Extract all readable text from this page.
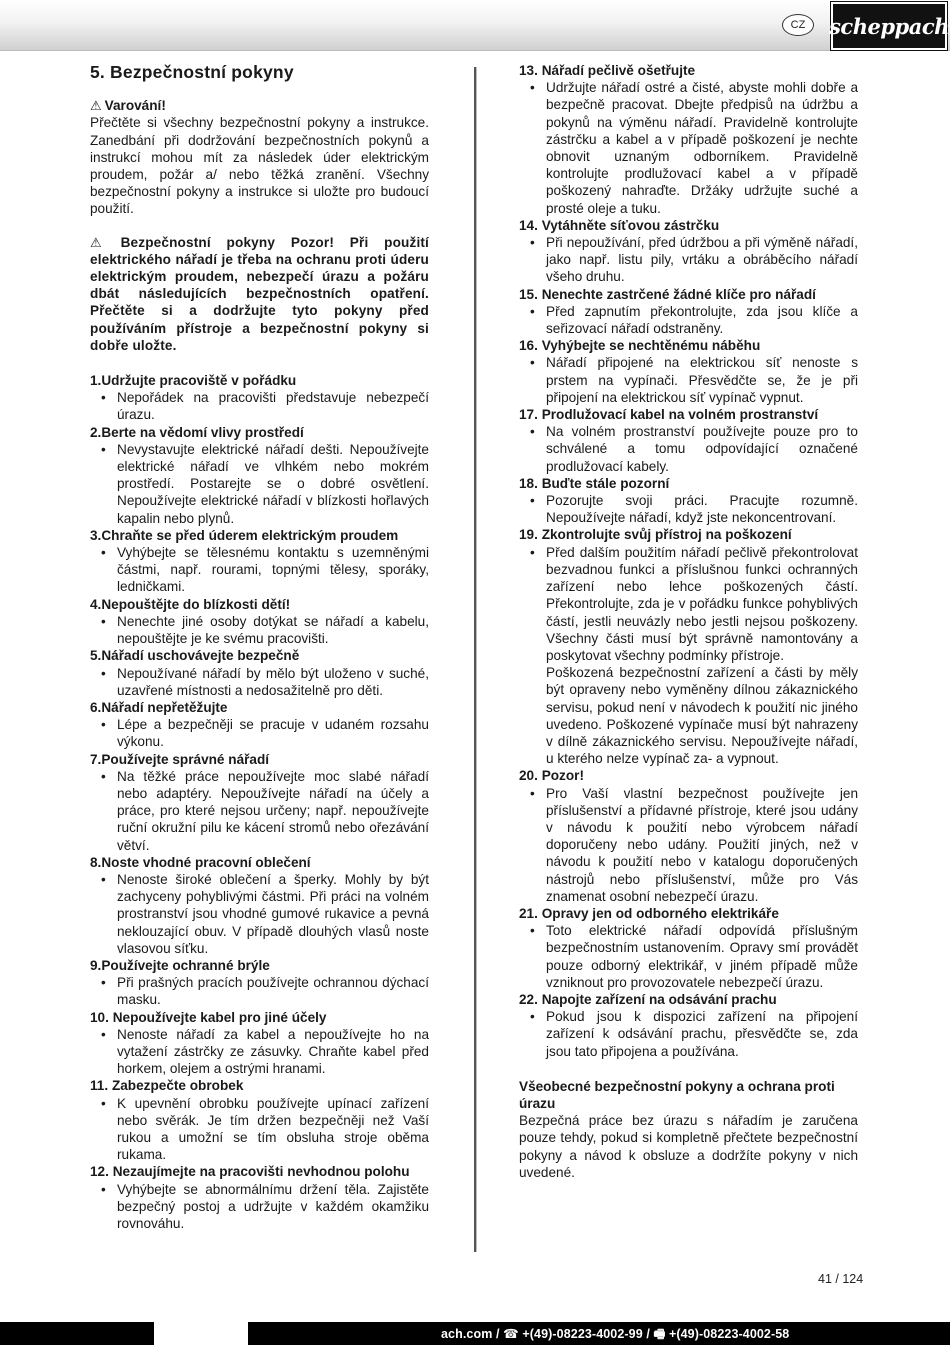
CZ	scheppach
5. Bezpečnostní pokyny
⚠ Varování!

Přečtěte si všechny bezpečnostní pokyny a instrukce. Zanedbání při dodržování bezpečnostních pokynů a instrukcí mohou mít za následek úder elektrickým proudem, požár a/ nebo těžká zranění. Všechny bezpečnostní pokyny a instrukce si uložte pro budoucí použití.

⚠ Bezpečnostní pokyny Pozor! Při použití elektrického nářadí je třeba na ochranu proti úderu elektrickým proudem, nebezpečí úrazu a požáru dbát následujících bezpečnostních opatření. Přečtěte si a dodržujte tyto pokyny před používáním přístroje a bezpečnostní pokyny si dobře uložte.

1.Udržujte pracoviště v pořádku

• Nepořádek na pracovišti představuje nebezpečí úrazu.

2.Berte na vědomí vlivy prostředí

• Nevystavujte elektrické nářadí dešti. Nepoužívejte elektrické nářadí ve vlhkém nebo mokrém prostředí. Postarejte se o dobré osvětlení. Nepoužívejte elektrické nářadí v blízkosti hořlavých kapalin nebo plynů.

3.Chraňte se před úderem elektrickým proudem

• Vyhýbejte se tělesnému kontaktu s uzemněnými částmi, např. rourami, topnými tělesy, sporáky, ledničkami.

4.Nepouštějte do blízkosti dětí!

• Nenechte jiné osoby dotýkat se nářadí a kabelu, nepouštějte je ke svému pracovišti.

5.Nářadí uschovávejte bezpečně

• Nepoužívané nářadí by mělo být uloženo v suché, uzavřené místnosti a nedosažitelně pro děti.

6.Nářadí nepřetěžujte

• Lépe a bezpečněji se pracuje v udaném rozsahu výkonu.

7.Používejte správné nářadí

• Na těžké práce nepoužívejte moc slabé nářadí nebo adaptéry. Nepoužívejte nářadí na účely a práce, pro které nejsou určeny; např. nepoužívejte ruční okružní pilu ke kácení stromů nebo ořezávání větví.

8.Noste vhodné pracovní oblečení

• Nenoste široké oblečení a šperky. Mohly by být zachyceny pohyblivými částmi. Při práci na volném prostranství jsou vhodné gumové rukavice a pevná neklouzající obuv. V případě dlouhých vlasů noste vlasovou síťku.

9.Používejte ochranné brýle

• Při prašných pracích používejte ochrannou dýchací masku.

10. Nepoužívejte kabel pro jiné účely

• Nenoste nářadí za kabel a nepoužívejte ho na vytažení zástrčky ze zásuvky. Chraňte kabel před horkem, olejem a ostrými hranami.

11. Zabezpečte obrobek

• K upevnění obrobku používejte upínací zařízení nebo svěrák. Je tím držen bezpečněji než Vaší rukou a umožní se tím obsluha stroje oběma rukama.

12. Nezaujímejte na pracovišti nevhodnou polohu

• Vyhýbejte se abnormálnímu držení těla. Zajistěte bezpečný postoj a udržujte v každém okamžiku rovnováhu.

13. Nářadí pečlivě ošetřujte

• Udržujte nářadí ostré a čisté, abyste mohli dobře a bezpečně pracovat. Dbejte předpisů na údržbu a pokynů na výměnu nářadí. Pravidelně kontrolujte zástrčku a kabel a v případě poškození je nechte obnovit uznaným odborníkem. Pravidelně kontrolujte prodlužovací kabel a v případě poškozený nahraďte. Držáky udržujte suché a prosté oleje a tuku.

14. Vytáhněte síťovou zástrčku

• Při nepoužívání, před údržbou a při výměně nářadí, jako např. listu pily, vrtáku a obráběcího nářadí všeho druhu.

15. Nenechte zastrčené žádné klíče pro nářadí

• Před zapnutím překontrolujte, zda jsou klíče a seřizovací nářadí odstraněny.

16. Vyhýbejte se nechtěnému náběhu

• Nářadí připojené na elektrickou síť nenoste s prstem na vypínači. Přesvědčte se, že je při připojení na elektrickou síť vypínač vypnut.

17. Prodlužovací kabel na volném prostranství

• Na volném prostranství používejte pouze pro to schválené a tomu odpovídající označené prodlužovací kabely.

18. Buďte stále pozorní

• Pozorujte svoji práci. Pracujte rozumně. Nepoužívejte nářadí, když jste nekoncentrovaní.

19. Zkontrolujte svůj přístroj na poškození

• Před dalším použitím nářadí pečlivě překontrolovat bezvadnou funkci a příslušnou funkci ochranných zařízení nebo lehce poškozených částí. Překontrolujte, zda je v pořádku funkce pohyblivých částí, jestli neuvázly nebo jestli nejsou poškozeny. Všechny části musí být správně namontovány a poskytovat všechny podmínky přístroje.

Poškozená bezpečnostní zařízení a části by měly být opraveny nebo vyměněny dílnou zákaznického servisu, pokud není v návodech k použití nic jiného uvedeno. Poškozené vypínače musí být nahrazeny v dílně zákaznického servisu. Nepoužívejte nářadí, u kterého nelze vypínač za- a vypnout.

20. Pozor!

• Pro Vaší vlastní bezpečnost používejte jen příslušenství a přídavné přístroje, které jsou udány v návodu k použití nebo výrobcem nářadí doporučeny nebo udány. Použití jiných, než v návodu k použití nebo v katalogu doporučených nástrojů nebo příslušenství, může pro Vás znamenat osobní nebezpečí úrazu.

21. Opravy jen od odborného elektrikáře

• Toto elektrické nářadí odpovídá příslušným bezpečnostním ustanovením. Opravy smí provádět pouze odborný elektrikář, v jiném případě může vzniknout pro provozovatele nebezpečí úrazu.

22. Napojte zařízení na odsávání prachu

• Pokud jsou k dispozici zařízení na připojení zařízení k odsávání prachu, přesvědčte se, zda jsou tato připojena a používána.

Všeobecné bezpečnostní pokyny a ochrana proti úrazu

Bezpečná práce bez úrazu s nářadím je zaručena pouze tehdy, pokud si kompletně přečtete bezpečnostní pokyny a návod k obsluze a dodržíte pokyny v nich uvedené.

41 / 124
ach.com / ☎ +(49)-08223-4002-99 / 🖷 +(49)-08223-4002-58
